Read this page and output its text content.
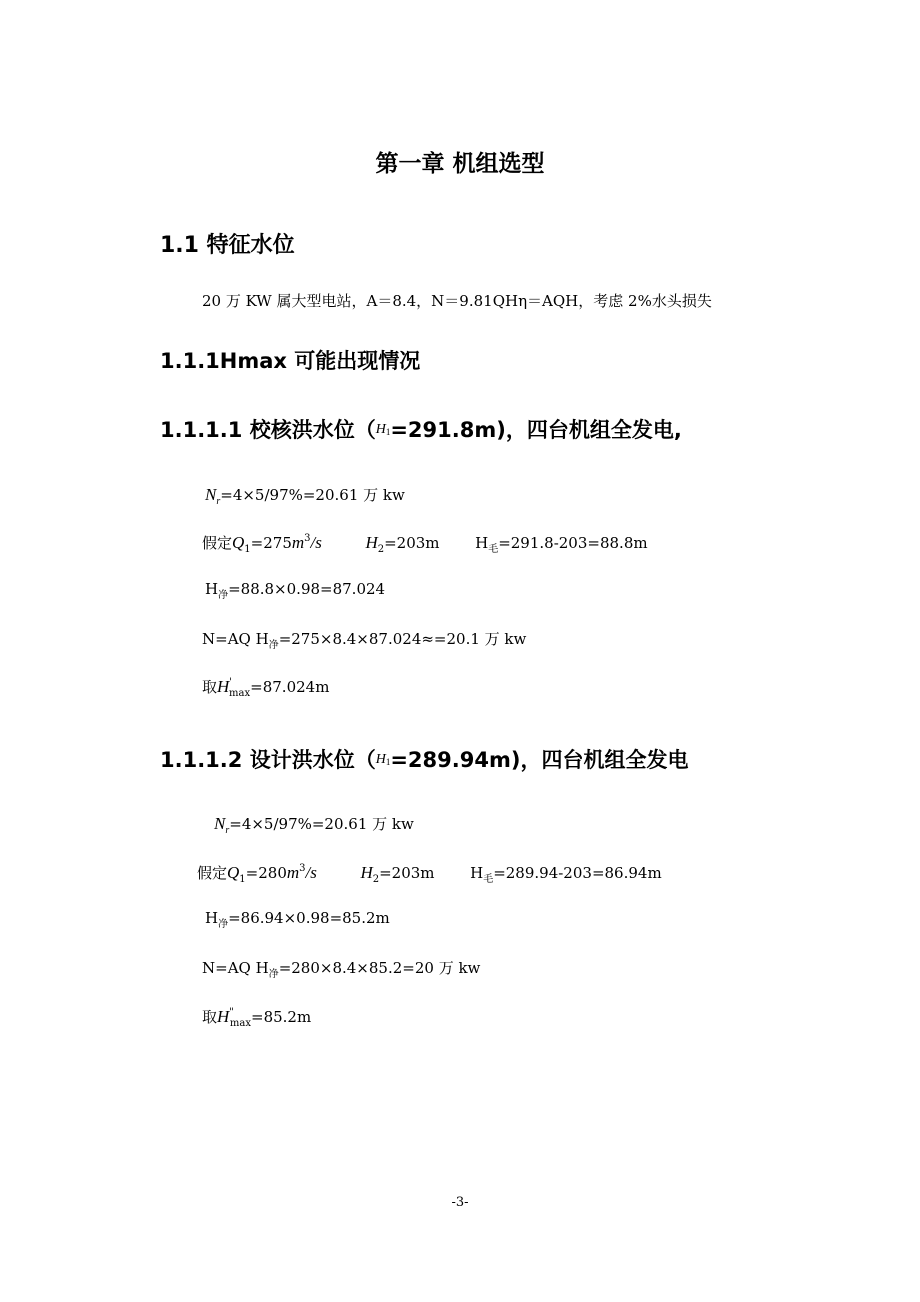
第一章 机组选型
1.1 特征水位
20 万 KW 属大型电站，A＝8.4，N＝9.81QHη＝AQH，考虑 2%水头损失
1.1.1Hmax 可能出现情况
1.1.1.1 校核洪水位$(H_1=291.8m)$，四台机组全发电,
$N_r=4\times 5/97\%=20.61$ 万 kw
假定$Q_1=275m^3/s$	$H_2=203m$ $H_毛=291.8-203=88.8m$
$H_净=88.8\times 0.98=87.024$
N=AQ $H_净=275\times 8.4\times 87.024\approx=20.1$ 万 kw
取$H'_{max}=87.024m$
1.1.1.2 设计洪水位$(H_1=289.94m)$，四台机组全发电
$N_r=4\times 5/97\%=20.61$ 万 kw
假定$Q_1=280m^3/s$	$H_2=203m$ $H_毛=289.94-203=86.94m$
$H_净=86.94\times 0.98=85.2m$
N=AQ $H_净=280\times 8.4\times 85.2=20$ 万 kw
取$H^"_{max}=85.2m$
-3-
